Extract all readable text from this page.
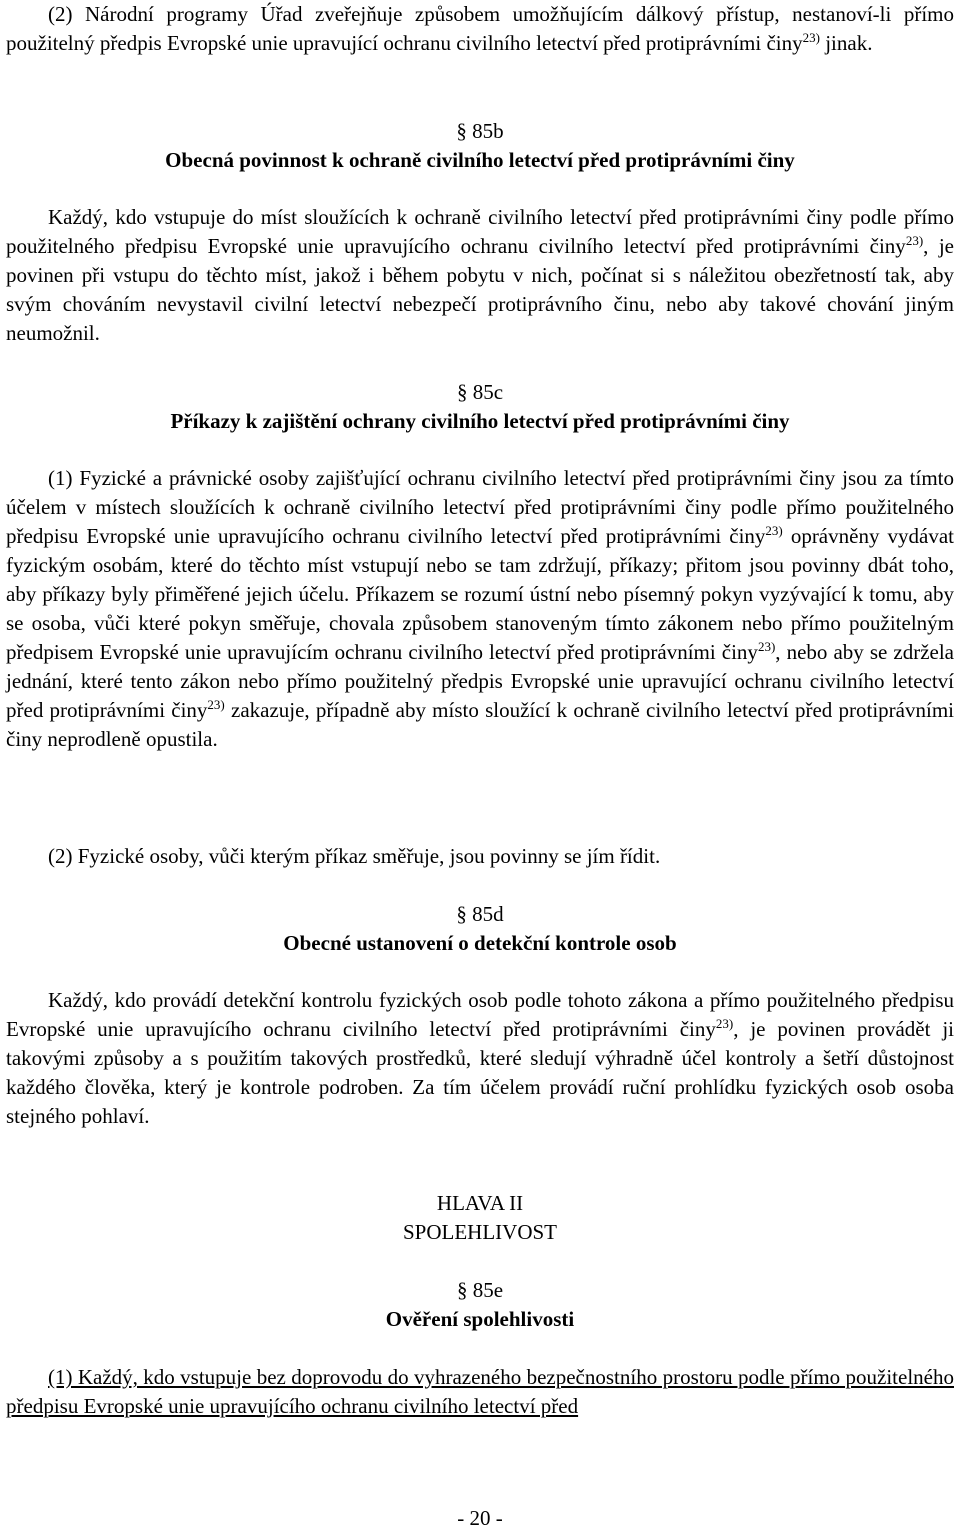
(2) Národní programy Úřad zveřejňuje způsobem umožňujícím dálkový přístup, nestanoví-li přímo použitelný předpis Evropské unie upravující ochranu civilního letectví před protiprávními činy$^{23)}$ jinak.

§ 85b

Obecná povinnost k ochraně civilního letectví před protiprávními činy

Každý, kdo vstupuje do míst sloužících k ochraně civilního letectví před protiprávními činy podle přímo použitelného předpisu Evropské unie upravujícího ochranu civilního letectví před protiprávními činy$^{23)}$, je povinen při vstupu do těchto míst, jakož i během pobytu v nich, počínat si s náležitou obezřetností tak, aby svým chováním nevystavil civilní letectví nebezpečí protiprávního činu, nebo aby takové chování jiným neumožnil.

§ 85c

Příkazy k zajištění ochrany civilního letectví před protiprávními činy

(1) Fyzické a právnické osoby zajišťující ochranu civilního letectví před protiprávními činy jsou za tímto účelem v místech sloužících k ochraně civilního letectví před protiprávními činy podle přímo použitelného předpisu Evropské unie upravujícího ochranu civilního letectví před protiprávními činy$^{23)}$ oprávněny vydávat fyzickým osobám, které do těchto míst vstupují nebo se tam zdržují, příkazy; přitom jsou povinny dbát toho, aby příkazy byly přiměřené jejich účelu. Příkazem se rozumí ústní nebo písemný pokyn vyzývající k tomu, aby se osoba, vůči které pokyn směřuje, chovala způsobem stanoveným tímto zákonem nebo přímo použitelným předpisem Evropské unie upravujícím ochranu civilního letectví před protiprávními činy$^{23)}$, nebo aby se zdržela jednání, které tento zákon nebo přímo použitelný předpis Evropské unie upravující ochranu civilního letectví před protiprávními činy$^{23)}$ zakazuje, případně aby místo sloužící k ochraně civilního letectví před protiprávními činy neprodleně opustila.

(2) Fyzické osoby, vůči kterým příkaz směřuje, jsou povinny se jím řídit.

§ 85d

Obecné ustanovení o detekční kontrole osob

Každý, kdo provádí detekční kontrolu fyzických osob podle tohoto zákona a přímo použitelného předpisu Evropské unie upravujícího ochranu civilního letectví před protiprávními činy$^{23)}$, je povinen provádět ji takovými způsoby a s použitím takových prostředků, které sledují výhradně účel kontroly a šetří důstojnost každého člověka, který je kontrole podroben. Za tím účelem provádí ruční prohlídku fyzických osob osoba stejného pohlaví.

HLAVA II

SPOLEHLIVOST

§ 85e

Ověření spolehlivosti

(1) Každý, kdo vstupuje bez doprovodu do vyhrazeného bezpečnostního prostoru podle přímo použitelného předpisu Evropské unie upravujícího ochranu civilního letectví před

- 20 -
